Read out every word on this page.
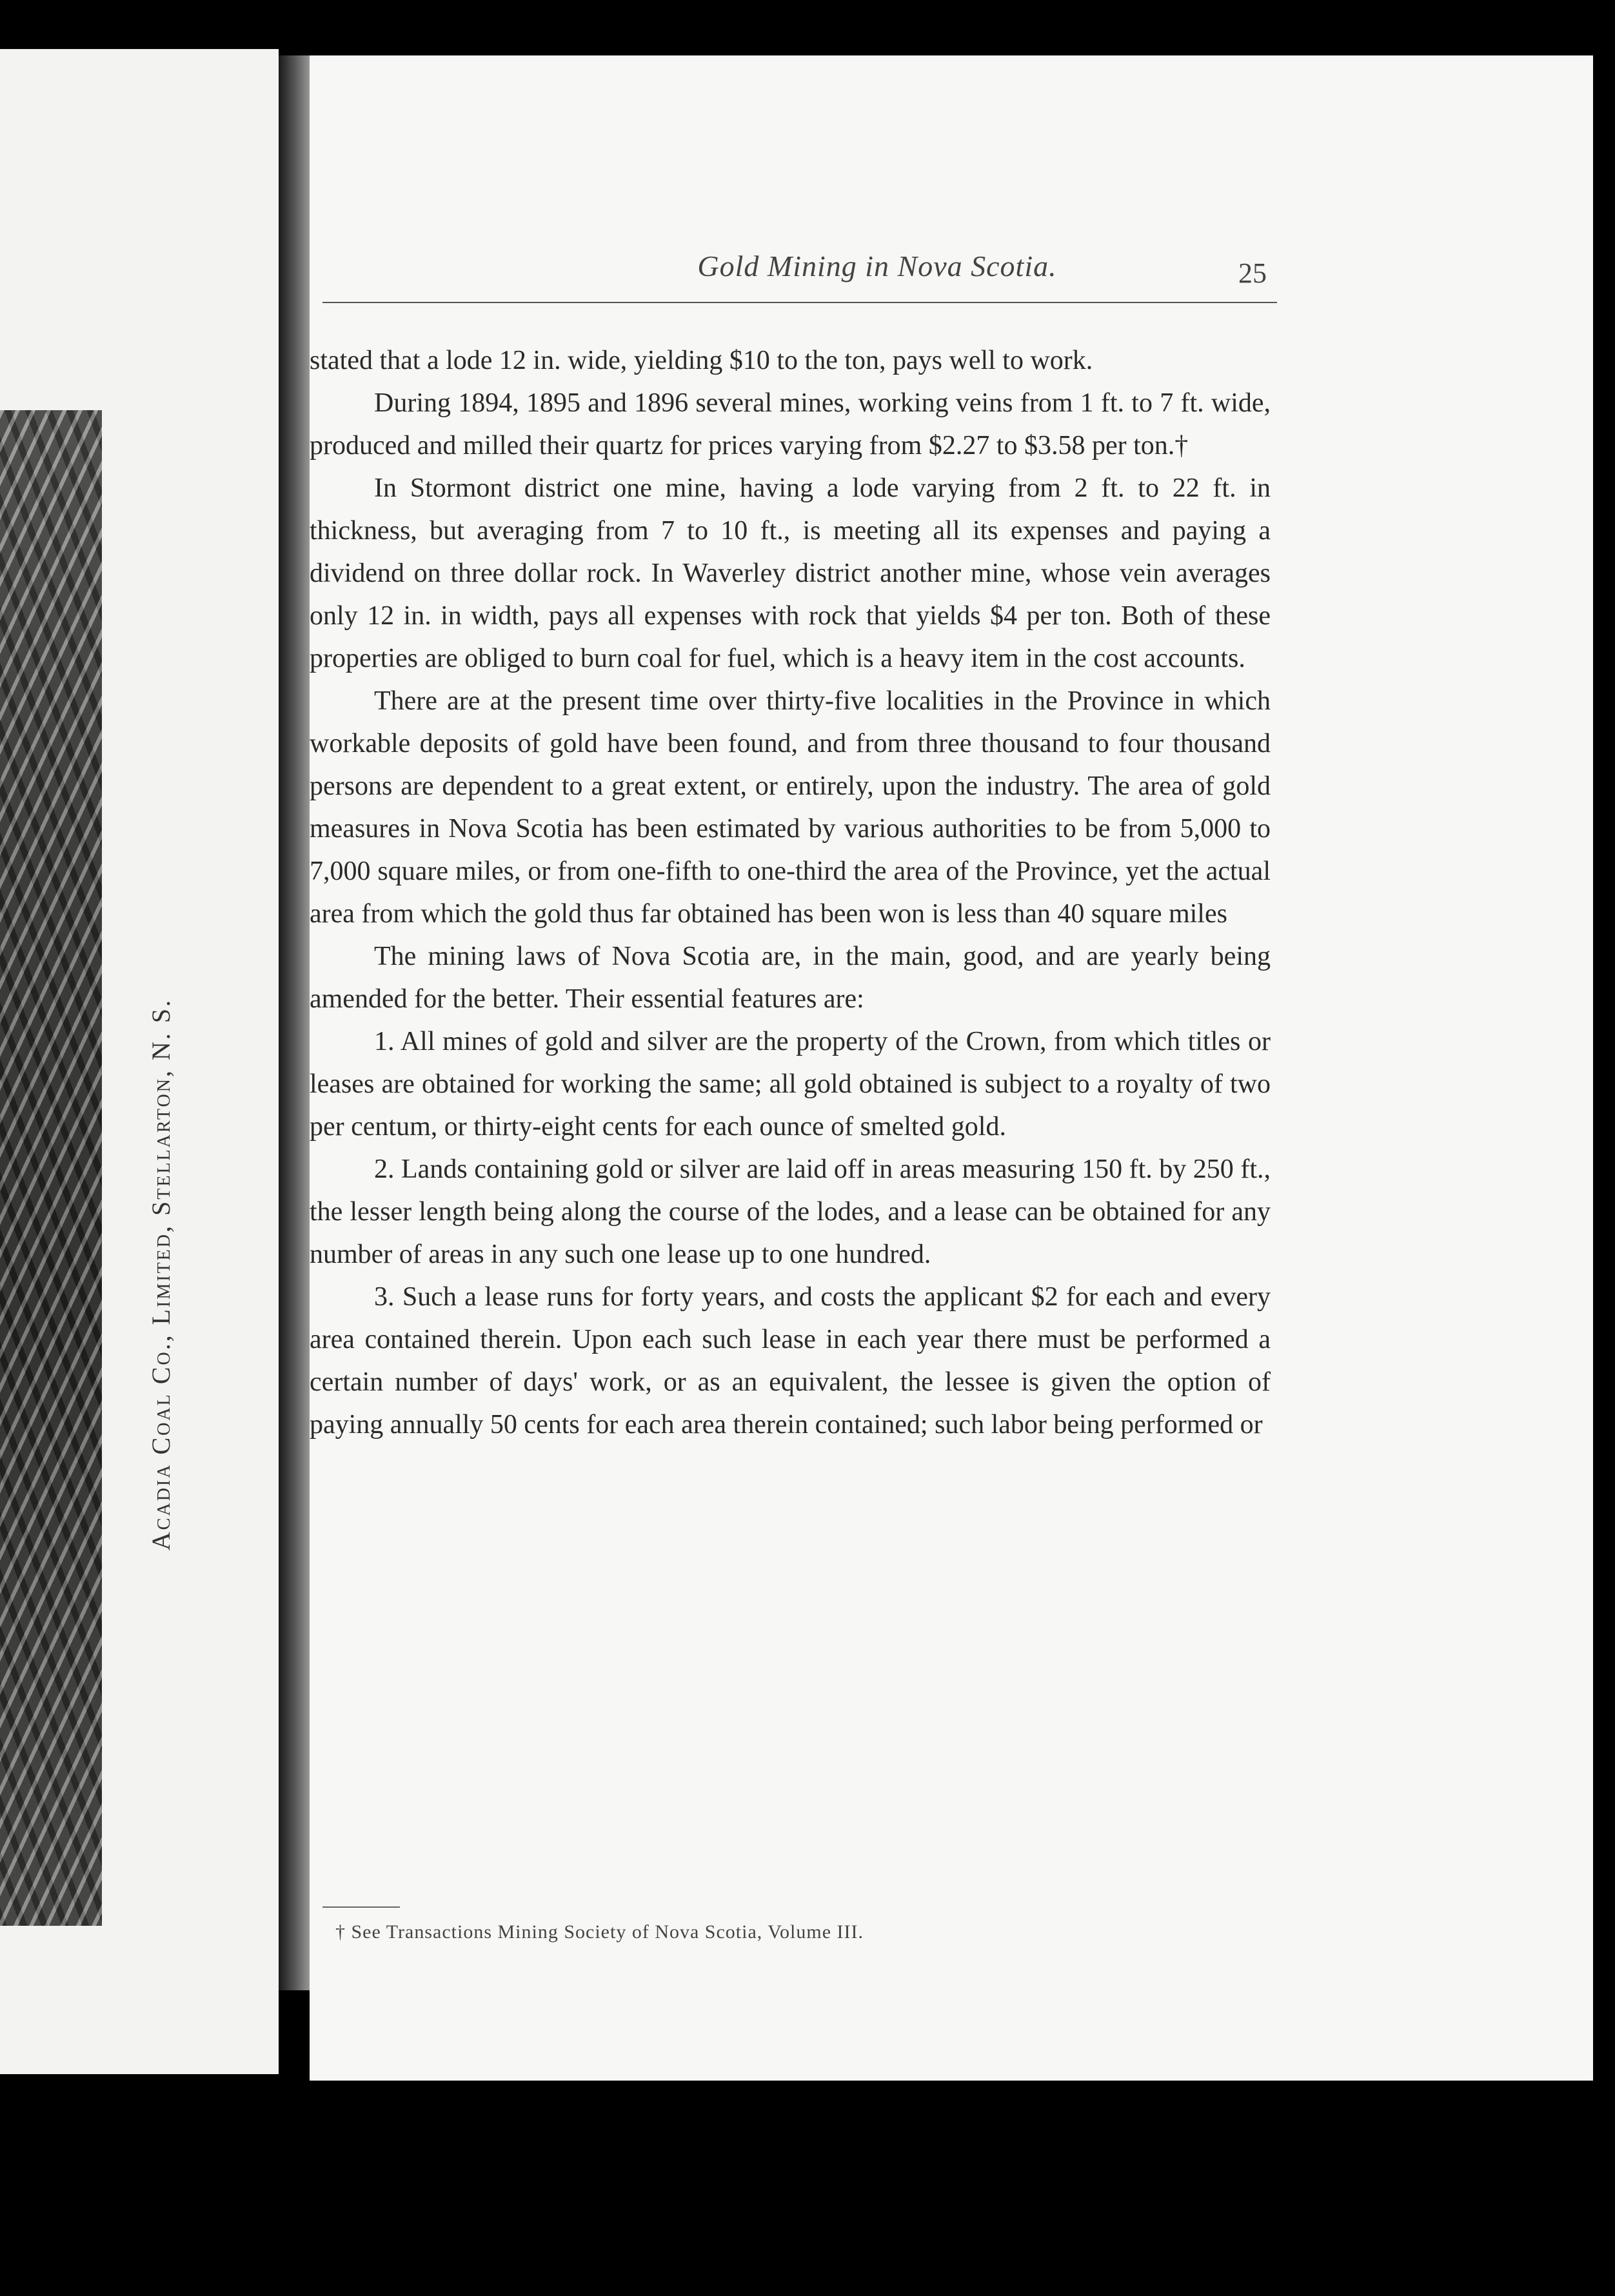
Acadia Coal Co., Limited, Stellarton, N. S.
Gold Mining in Nova Scotia.	25

stated that a lode 12 in. wide, yielding $10 to the ton, pays well to work.

During 1894, 1895 and 1896 several mines, working veins from 1 ft. to 7 ft. wide, produced and milled their quartz for prices varying from $2.27 to $3.58 per ton.†

In Stormont district one mine, having a lode varying from 2 ft. to 22 ft. in thickness, but averaging from 7 to 10 ft., is meeting all its expenses and paying a dividend on three dollar rock. In Waverley district another mine, whose vein averages only 12 in. in width, pays all expenses with rock that yields $4 per ton. Both of these properties are obliged to burn coal for fuel, which is a heavy item in the cost accounts.

There are at the present time over thirty-five localities in the Province in which workable deposits of gold have been found, and from three thousand to four thousand persons are dependent to a great extent, or entirely, upon the industry. The area of gold measures in Nova Scotia has been estimated by various authorities to be from 5,000 to 7,000 square miles, or from one-fifth to one-third the area of the Province, yet the actual area from which the gold thus far obtained has been won is less than 40 square miles

The mining laws of Nova Scotia are, in the main, good, and are yearly being amended for the better. Their essential features are:

1. All mines of gold and silver are the property of the Crown, from which titles or leases are obtained for working the same; all gold obtained is subject to a royalty of two per centum, or thirty-eight cents for each ounce of smelted gold.

2. Lands containing gold or silver are laid off in areas measuring 150 ft. by 250 ft., the lesser length being along the course of the lodes, and a lease can be obtained for any number of areas in any such one lease up to one hundred.

3. Such a lease runs for forty years, and costs the applicant $2 for each and every area contained therein. Upon each such lease in each year there must be performed a certain number of days' work, or as an equivalent, the lessee is given the option of paying annually 50 cents for each area therein contained; such labor being performed or

† See Transactions Mining Society of Nova Scotia, Volume III.
